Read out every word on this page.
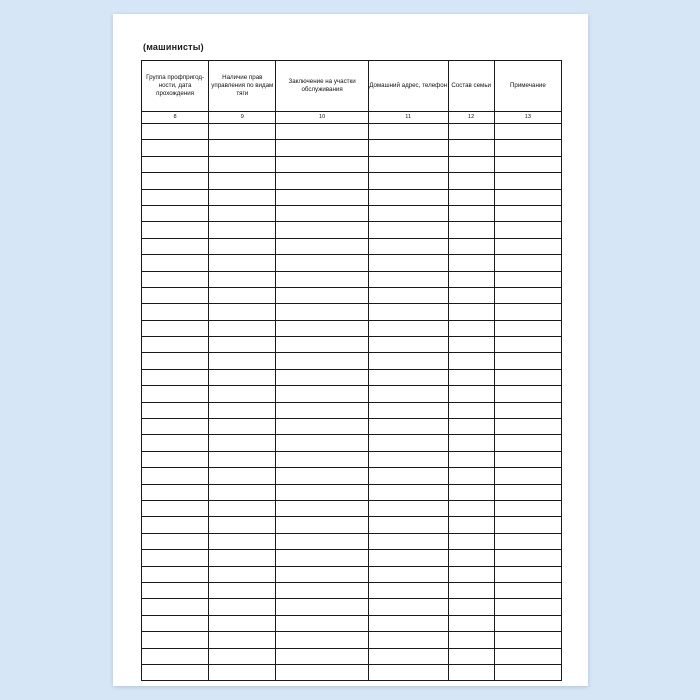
(машинисты)
Группа профпригод-ности, дата прохождения	Наличие прав управления по видам тяги	Заключение на участки обслуживания	Домашний адрес, телефон	Состав семьи	Примечание
8	9	10	11	12	13
